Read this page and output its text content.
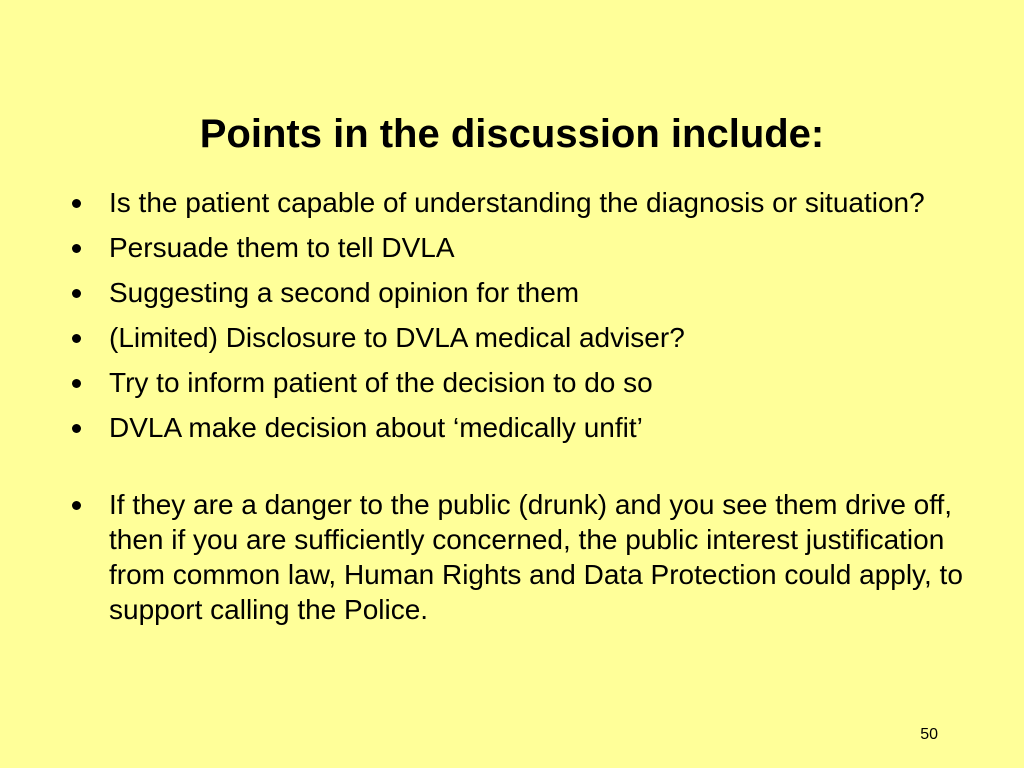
Points in the discussion include:
Is the patient capable of understanding the diagnosis or situation?
Persuade them to tell DVLA
Suggesting a second opinion for them
(Limited) Disclosure to DVLA medical adviser?
Try to inform patient of the decision to do so
DVLA make decision about ‘medically unfit’
If they are a danger to the public (drunk) and you see them drive off, then if you are sufficiently concerned, the public interest justification from common law, Human Rights and Data Protection could apply, to support calling the Police.
50
